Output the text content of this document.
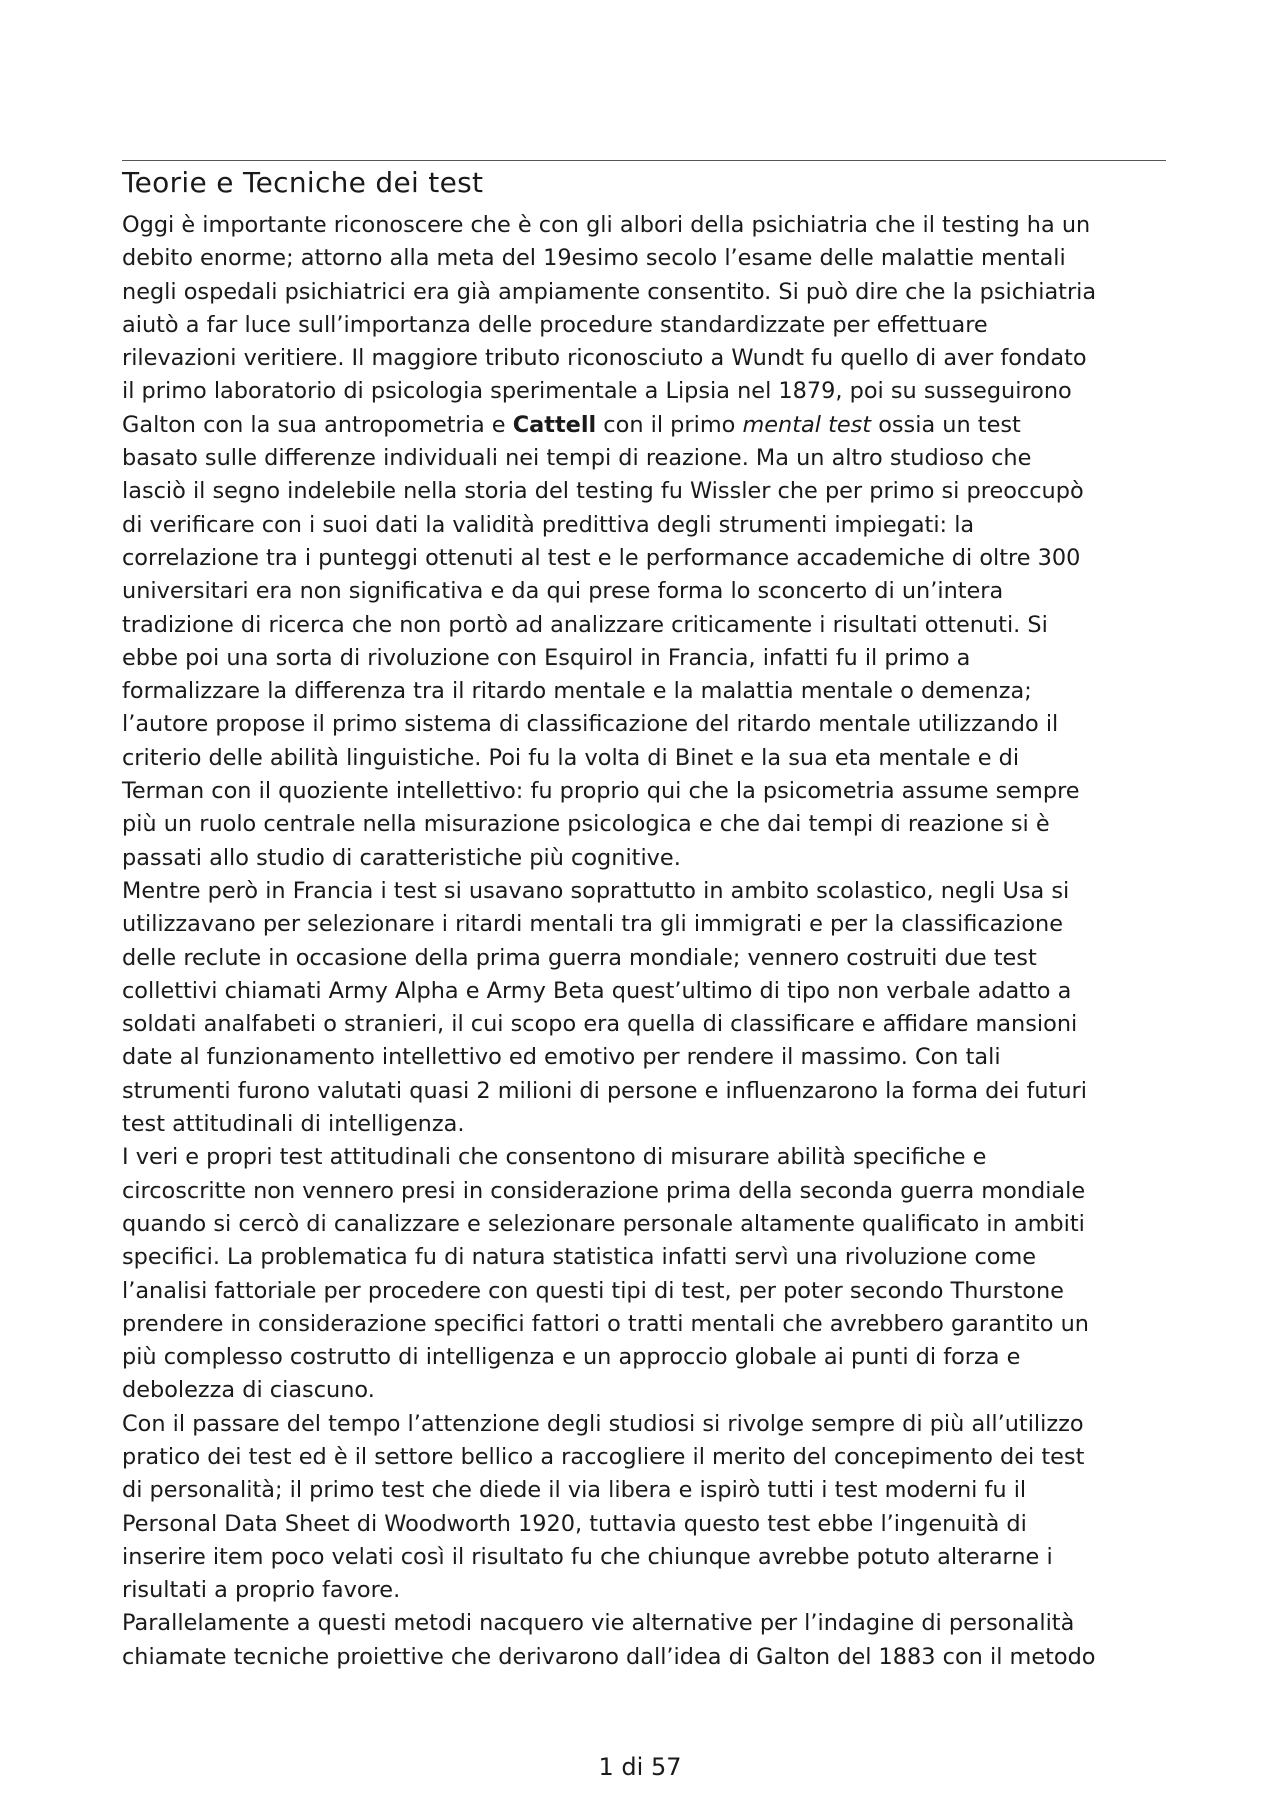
Teorie e Tecniche dei test
Oggi è importante riconoscere che è con gli albori della psichiatria che il testing ha un
debito enorme; attorno alla meta del 19esimo secolo l’esame delle malattie mentali
negli ospedali psichiatrici era già ampiamente consentito. Si può dire che la psichiatria
aiutò a far luce sull’importanza delle procedure standardizzate per effettuare
rilevazioni veritiere. Il maggiore tributo riconosciuto a Wundt fu quello di aver fondato
il primo laboratorio di psicologia sperimentale a Lipsia nel 1879, poi su susseguirono
Galton con la sua antropometria e Cattell con il primo mental test ossia un test
basato sulle differenze individuali nei tempi di reazione. Ma un altro studioso che
lasciò il segno indelebile nella storia del testing fu Wissler che per primo si preoccupò
di verificare con i suoi dati la validità predittiva degli strumenti impiegati: la
correlazione tra i punteggi ottenuti al test e le performance accademiche di oltre 300
universitari era non significativa e da qui prese forma lo sconcerto di un’intera
tradizione di ricerca che non portò ad analizzare criticamente i risultati ottenuti. Si
ebbe poi una sorta di rivoluzione con Esquirol in Francia, infatti fu il primo a
formalizzare la differenza tra il ritardo mentale e la malattia mentale o demenza;
l’autore propose il primo sistema di classificazione del ritardo mentale utilizzando il
criterio delle abilità linguistiche. Poi fu la volta di Binet e la sua eta mentale e di
Terman con il quoziente intellettivo: fu proprio qui che la psicometria assume sempre
più un ruolo centrale nella misurazione psicologica e che dai tempi di reazione si è
passati allo studio di caratteristiche più cognitive.
Mentre però in Francia i test si usavano soprattutto in ambito scolastico, negli Usa si
utilizzavano per selezionare i ritardi mentali tra gli immigrati e per la classificazione
delle reclute in occasione della prima guerra mondiale; vennero costruiti due test
collettivi chiamati Army Alpha e Army Beta quest’ultimo di tipo non verbale adatto a
soldati analfabeti o stranieri, il cui scopo era quella di classificare e affidare mansioni
date al funzionamento intellettivo ed emotivo per rendere il massimo. Con tali
strumenti furono valutati quasi 2 milioni di persone e influenzarono la forma dei futuri
test attitudinali di intelligenza.
I veri e propri test attitudinali che consentono di misurare abilità specifiche e
circoscritte non vennero presi in considerazione prima della seconda guerra mondiale
quando si cercò di canalizzare e selezionare personale altamente qualificato in ambiti
specifici. La problematica fu di natura statistica infatti servì una rivoluzione come
l’analisi fattoriale per procedere con questi tipi di test, per poter secondo Thurstone
prendere in considerazione specifici fattori o tratti mentali che avrebbero garantito un
più complesso costrutto di intelligenza e un approccio globale ai punti di forza e
debolezza di ciascuno.
Con il passare del tempo l’attenzione degli studiosi si rivolge sempre di più all’utilizzo
pratico dei test ed è il settore bellico a raccogliere il merito del concepimento dei test
di personalità; il primo test che diede il via libera e ispirò tutti i test moderni fu il
Personal Data Sheet di Woodworth 1920, tuttavia questo test ebbe l’ingenuità di
inserire item poco velati così il risultato fu che chiunque avrebbe potuto alterarne i
risultati a proprio favore.
Parallelamente a questi metodi nacquero vie alternative per l’indagine di personalità
chiamate tecniche proiettive che derivarono dall’idea di Galton del 1883 con il metodo
1 di 57
